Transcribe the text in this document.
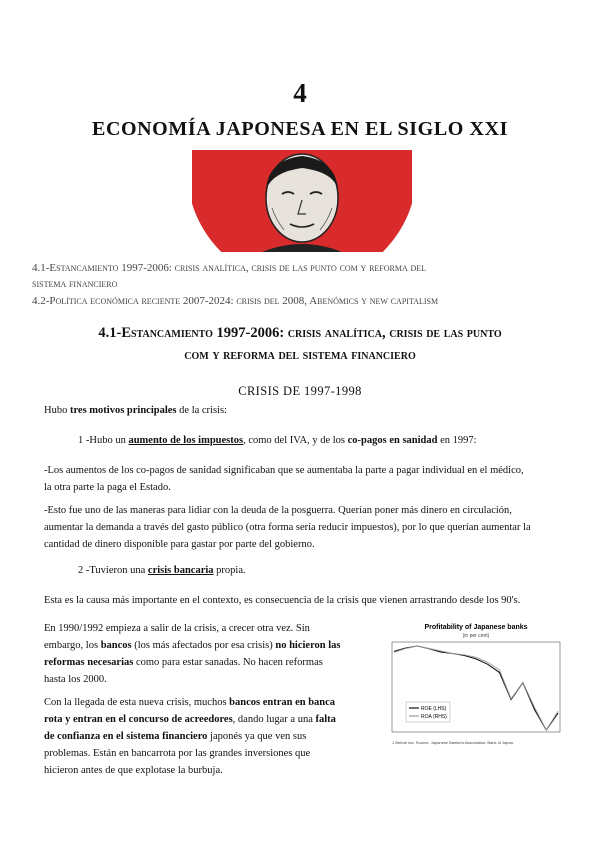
4
ECONOMÍA JAPONESA EN EL SIGLO XXI
4.1-Estancamiento 1997-2006: crisis analítica, crisis de las punto com y reforma del
sistema financiero
4.2-Política económica reciente 2007-2024: crisis del 2008, Abenómics y new capitalism
4.1-Estancamiento 1997-2006: crisis analítica, crisis de las punto
com y reforma del sistema financiero
CRISIS DE 1997-1998
Hubo tres motivos principales de la crisis:
1 -Hubo un aumento de los impuestos, como del IVA, y de los co-pagos en sanidad en 1997:
-Los aumentos de los co-pagos de sanidad significaban que se aumentaba la parte a pagar individual en el médico,
la otra parte la paga el Estado.
-Esto fue uno de las maneras para lidiar con la deuda de la posguerra. Querían poner más dinero en circulación,
aumentar la demanda a través del gasto público (otra forma sería reducir impuestos), por lo que querían aumentar la
cantidad de dinero disponible para gastar por parte del gobierno.
2 -Tuvieron una crisis bancaria propia.
Esta es la causa más importante en el contexto, es consecuencia de la crisis que vienen arrastrando desde los 90's.
En 1990/1992 empieza a salir de la crisis, a crecer otra vez. Sin
embargo, los bancos (los más afectados por esa crisis) no hicieron las
reformas necesarias como para estar sanadas. No hacen reformas
hasta los 2000.
Con la llegada de esta nueva crisis, muchos bancos entran en banca
rota y entran en el concurso de acreedores, dando lugar a una falta
de confianza en el sistema financiero japonés ya que ven sus
problemas. Están en bancarrota por las grandes inversiones que
hicieron antes de que explotase la burbuja.
Profitability of Japanese banks
(in per cent)
ROE (LHS)
ROA (RHS)
1 Before tax. Source: Japanese Bankers Association; Bank of Japan.
